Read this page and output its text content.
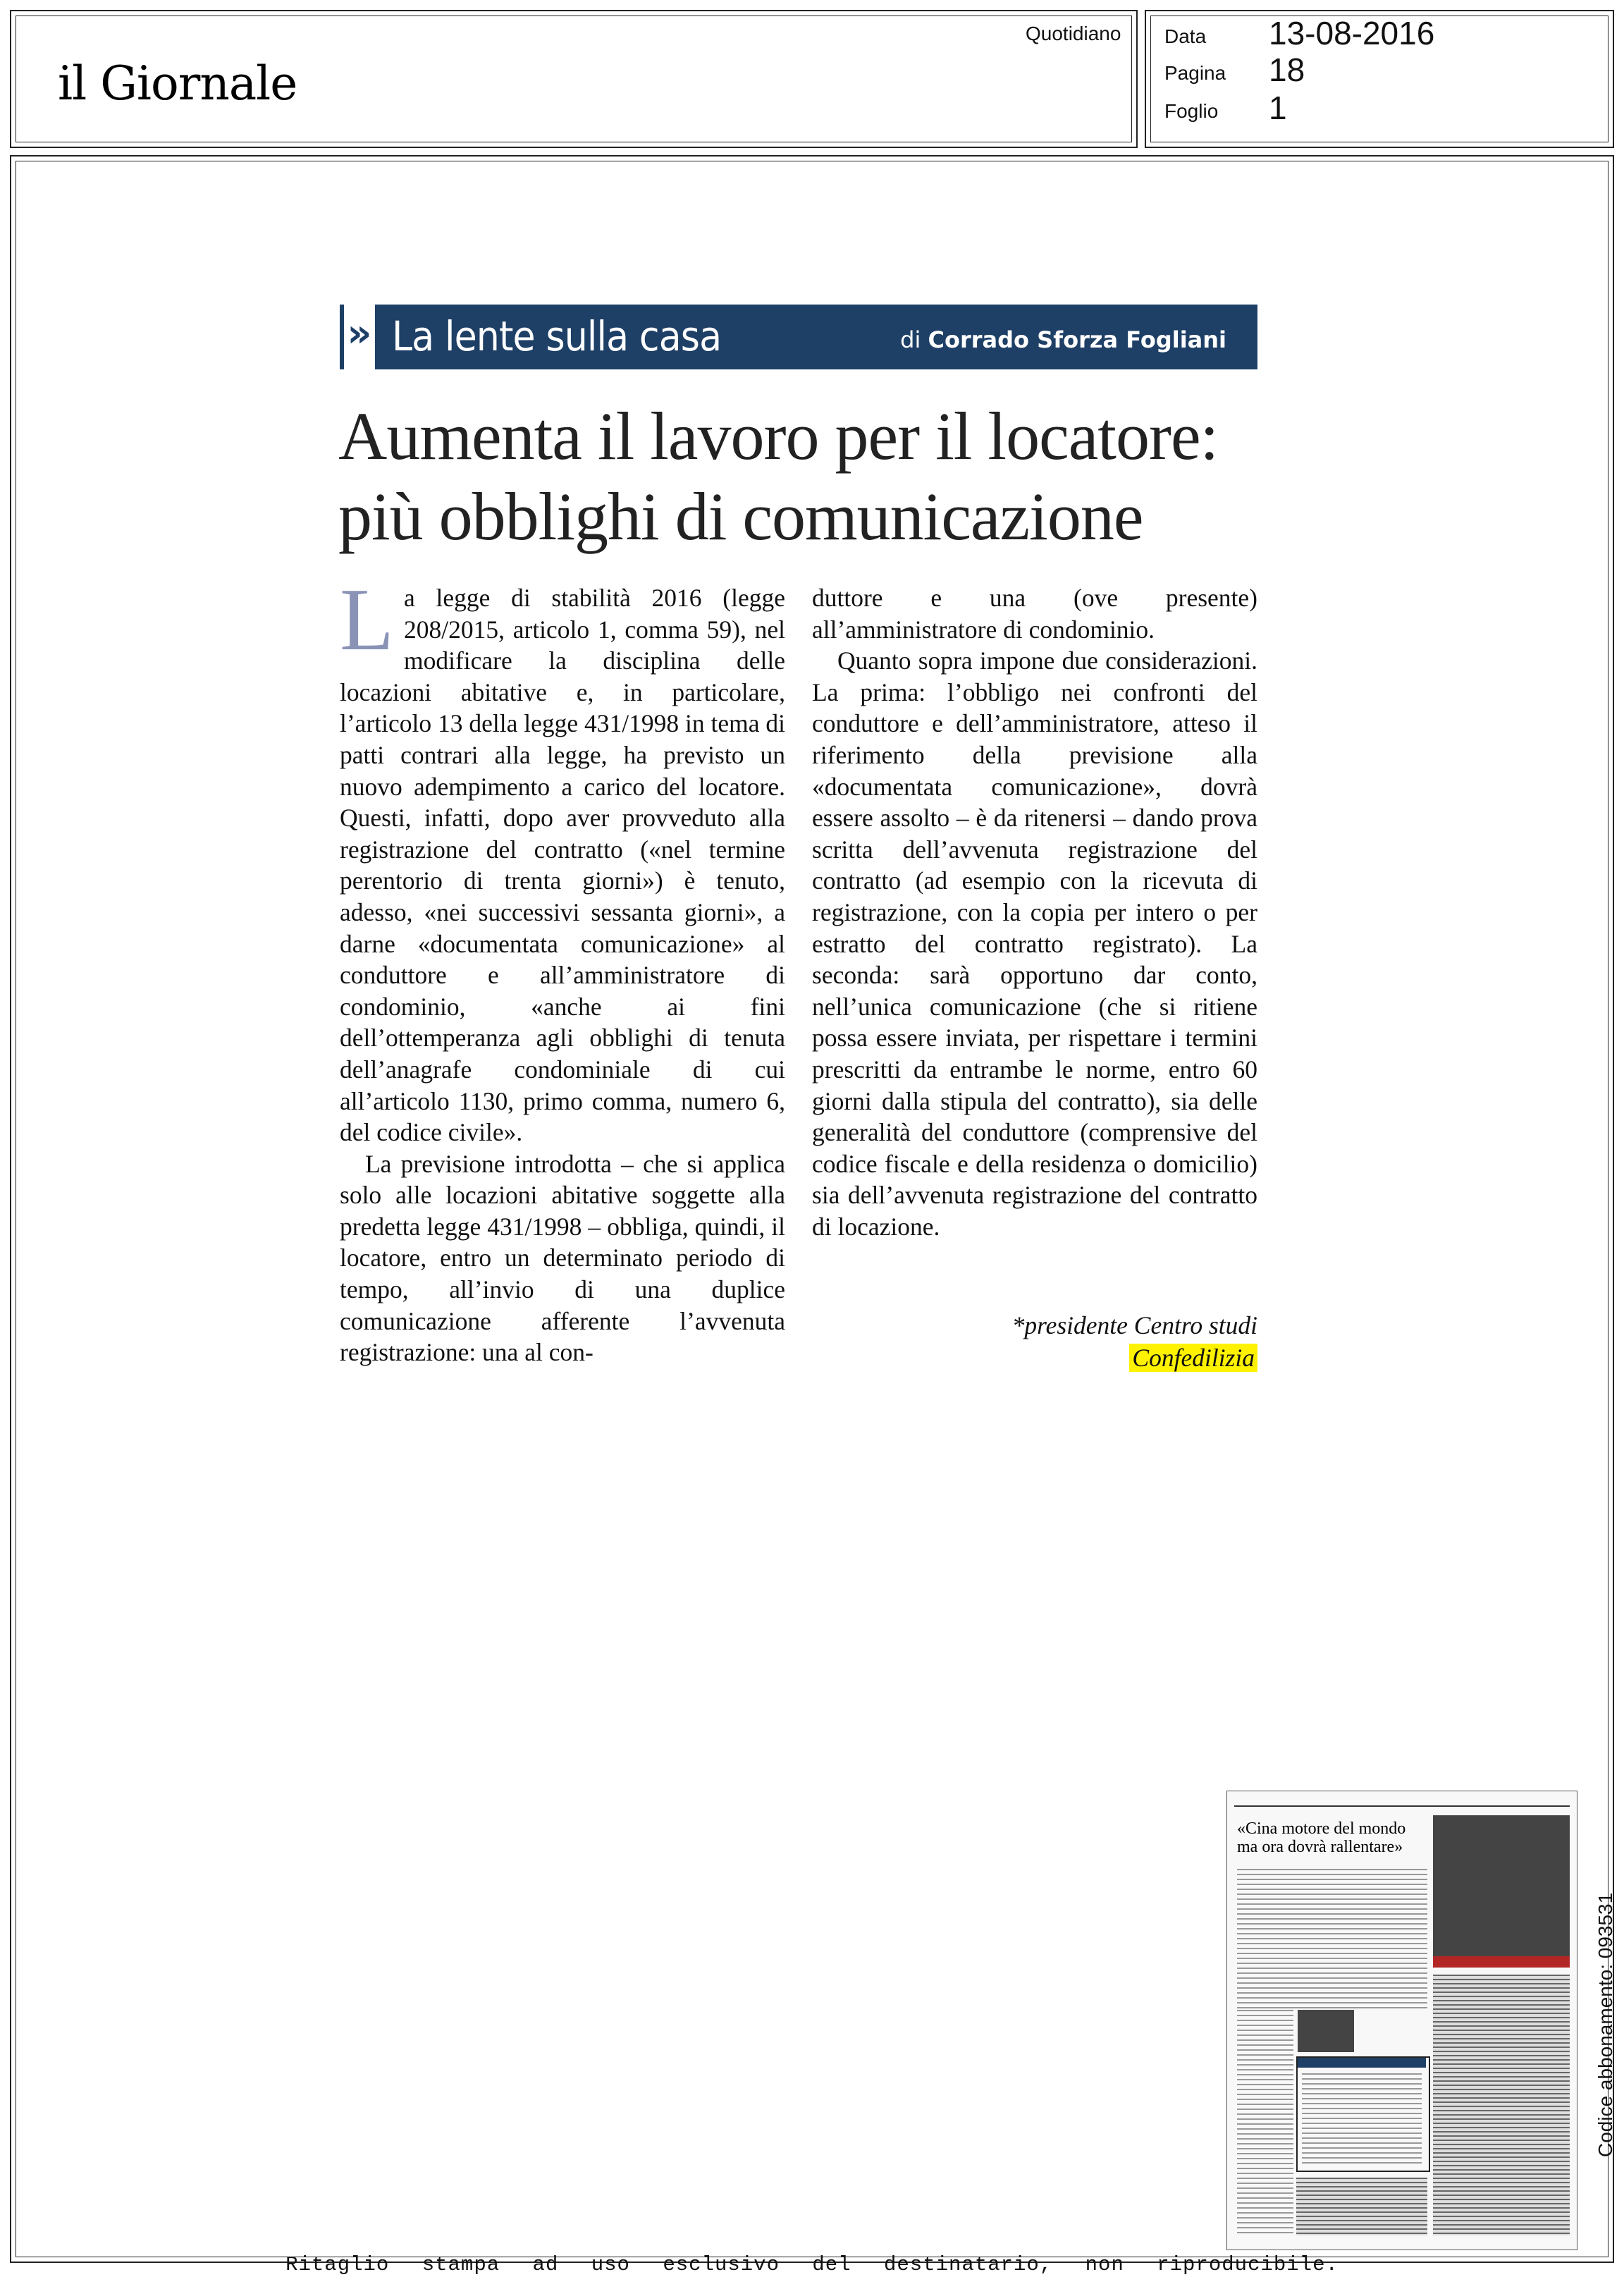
il Giornale
Quotidiano Data 13-08-2016
Pagina 18
Foglio 1
» La lente sulla casa	di Corrado Sforza Fogliani
Aumenta il lavoro per il locatore:
più obblighi di comunicazione

La legge di stabilità 2016 (legge 208/2015, articolo 1, comma 59), nel modificare la disciplina delle locazioni abitative e, in particolare, l’articolo 13 della legge 431/1998 in tema di patti contrari alla legge, ha previsto un nuovo adempimento a carico del locatore. Questi, infatti, dopo aver provveduto alla registrazione del contratto («nel termine perentorio di trenta giorni») è tenuto, adesso, «nei successivi sessanta giorni», a darne «documentata comunicazione» al conduttore e all’amministratore di condominio, «anche ai fini dell’ottemperanza agli obblighi di tenuta dell’anagrafe condominiale di cui all’articolo 1130, primo comma, numero 6, del codice civile».

La previsione introdotta – che si applica solo alle locazioni abitative soggette alla predetta legge 431/1998 – obbliga, quindi, il locatore, entro un determinato periodo di tempo, all’invio di una duplice comunicazione afferente l’avvenuta registrazione: una al con-

duttore e una (ove presente) all’amministratore di condominio.

Quanto sopra impone due considerazioni. La prima: l’obbligo nei confronti del conduttore e dell’amministratore, atteso il riferimento della previsione alla «documentata comunicazione», dovrà essere assolto – è da ritenersi – dando prova scritta dell’avvenuta registrazione del contratto (ad esempio con la ricevuta di registrazione, con la copia per intero o per estratto del contratto registrato). La seconda: sarà opportuno dar conto, nell’unica comunicazione (che si ritiene possa essere inviata, per rispettare i termini prescritti da entrambe le norme, entro 60 giorni dalla stipula del contratto), sia delle generalità del conduttore (comprensive del codice fiscale e della residenza o domicilio) sia dell’avvenuta registrazione del contratto di locazione.

*presidente Centro studi
Confedilizia
«Cina motore del mondo ma ora dovrà rallentare»
Codice abbonamento: 093531
Ritaglio stampa ad uso esclusivo del destinatario, non riproducibile.
